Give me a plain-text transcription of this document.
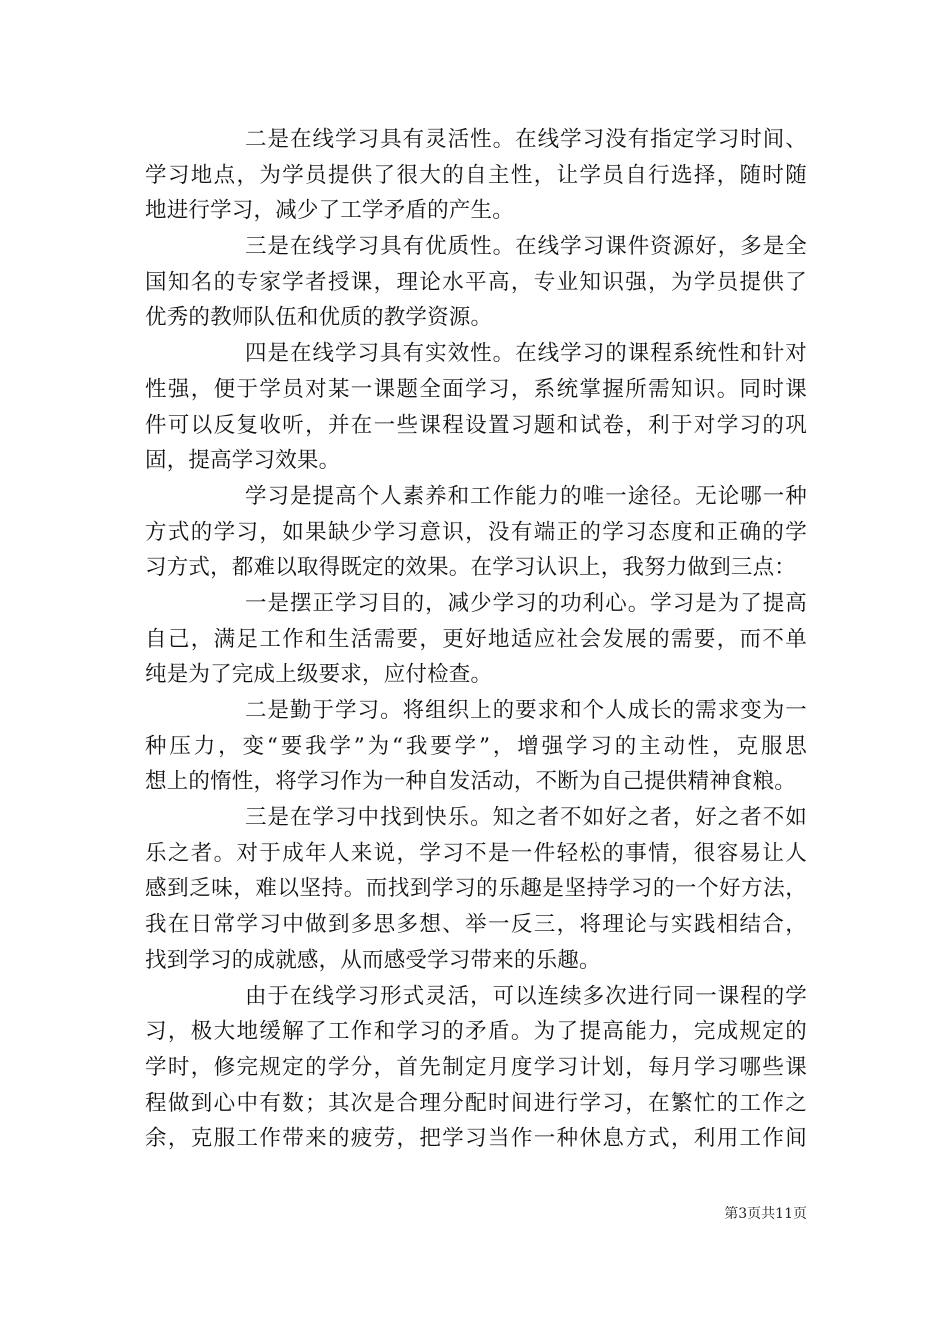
二是在线学习具有灵活性。在线学习没有指定学习时间、
学习地点，为学员提供了很大的自主性，让学员自行选择，随时随
地进行学习，减少了工学矛盾的产生。
三是在线学习具有优质性。在线学习课件资源好，多是全
国知名的专家学者授课，理论水平高，专业知识强，为学员提供了
优秀的教师队伍和优质的教学资源。
四是在线学习具有实效性。在线学习的课程系统性和针对
性强，便于学员对某一课题全面学习，系统掌握所需知识。同时课
件可以反复收听，并在一些课程设置习题和试卷，利于对学习的巩
固，提高学习效果。
学习是提高个人素养和工作能力的唯一途径。无论哪一种
方式的学习，如果缺少学习意识，没有端正的学习态度和正确的学
习方式，都难以取得既定的效果。在学习认识上，我努力做到三点：
一是摆正学习目的，减少学习的功利心。学习是为了提高
自己，满足工作和生活需要，更好地适应社会发展的需要，而不单
纯是为了完成上级要求，应付检查。
二是勤于学习。将组织上的要求和个人成长的需求变为一
种压力，变“要我学”为“我要学”，增强学习的主动性，克服思
想上的惰性，将学习作为一种自发活动，不断为自己提供精神食粮。
三是在学习中找到快乐。知之者不如好之者，好之者不如
乐之者。对于成年人来说，学习不是一件轻松的事情，很容易让人
感到乏味，难以坚持。而找到学习的乐趣是坚持学习的一个好方法，
我在日常学习中做到多思多想、举一反三，将理论与实践相结合，
找到学习的成就感，从而感受学习带来的乐趣。
由于在线学习形式灵活，可以连续多次进行同一课程的学
习，极大地缓解了工作和学习的矛盾。为了提高能力，完成规定的
学时，修完规定的学分，首先制定月度学习计划，每月学习哪些课
程做到心中有数；其次是合理分配时间进行学习，在繁忙的工作之
余，克服工作带来的疲劳，把学习当作一种休息方式，利用工作间
第3页共11页
